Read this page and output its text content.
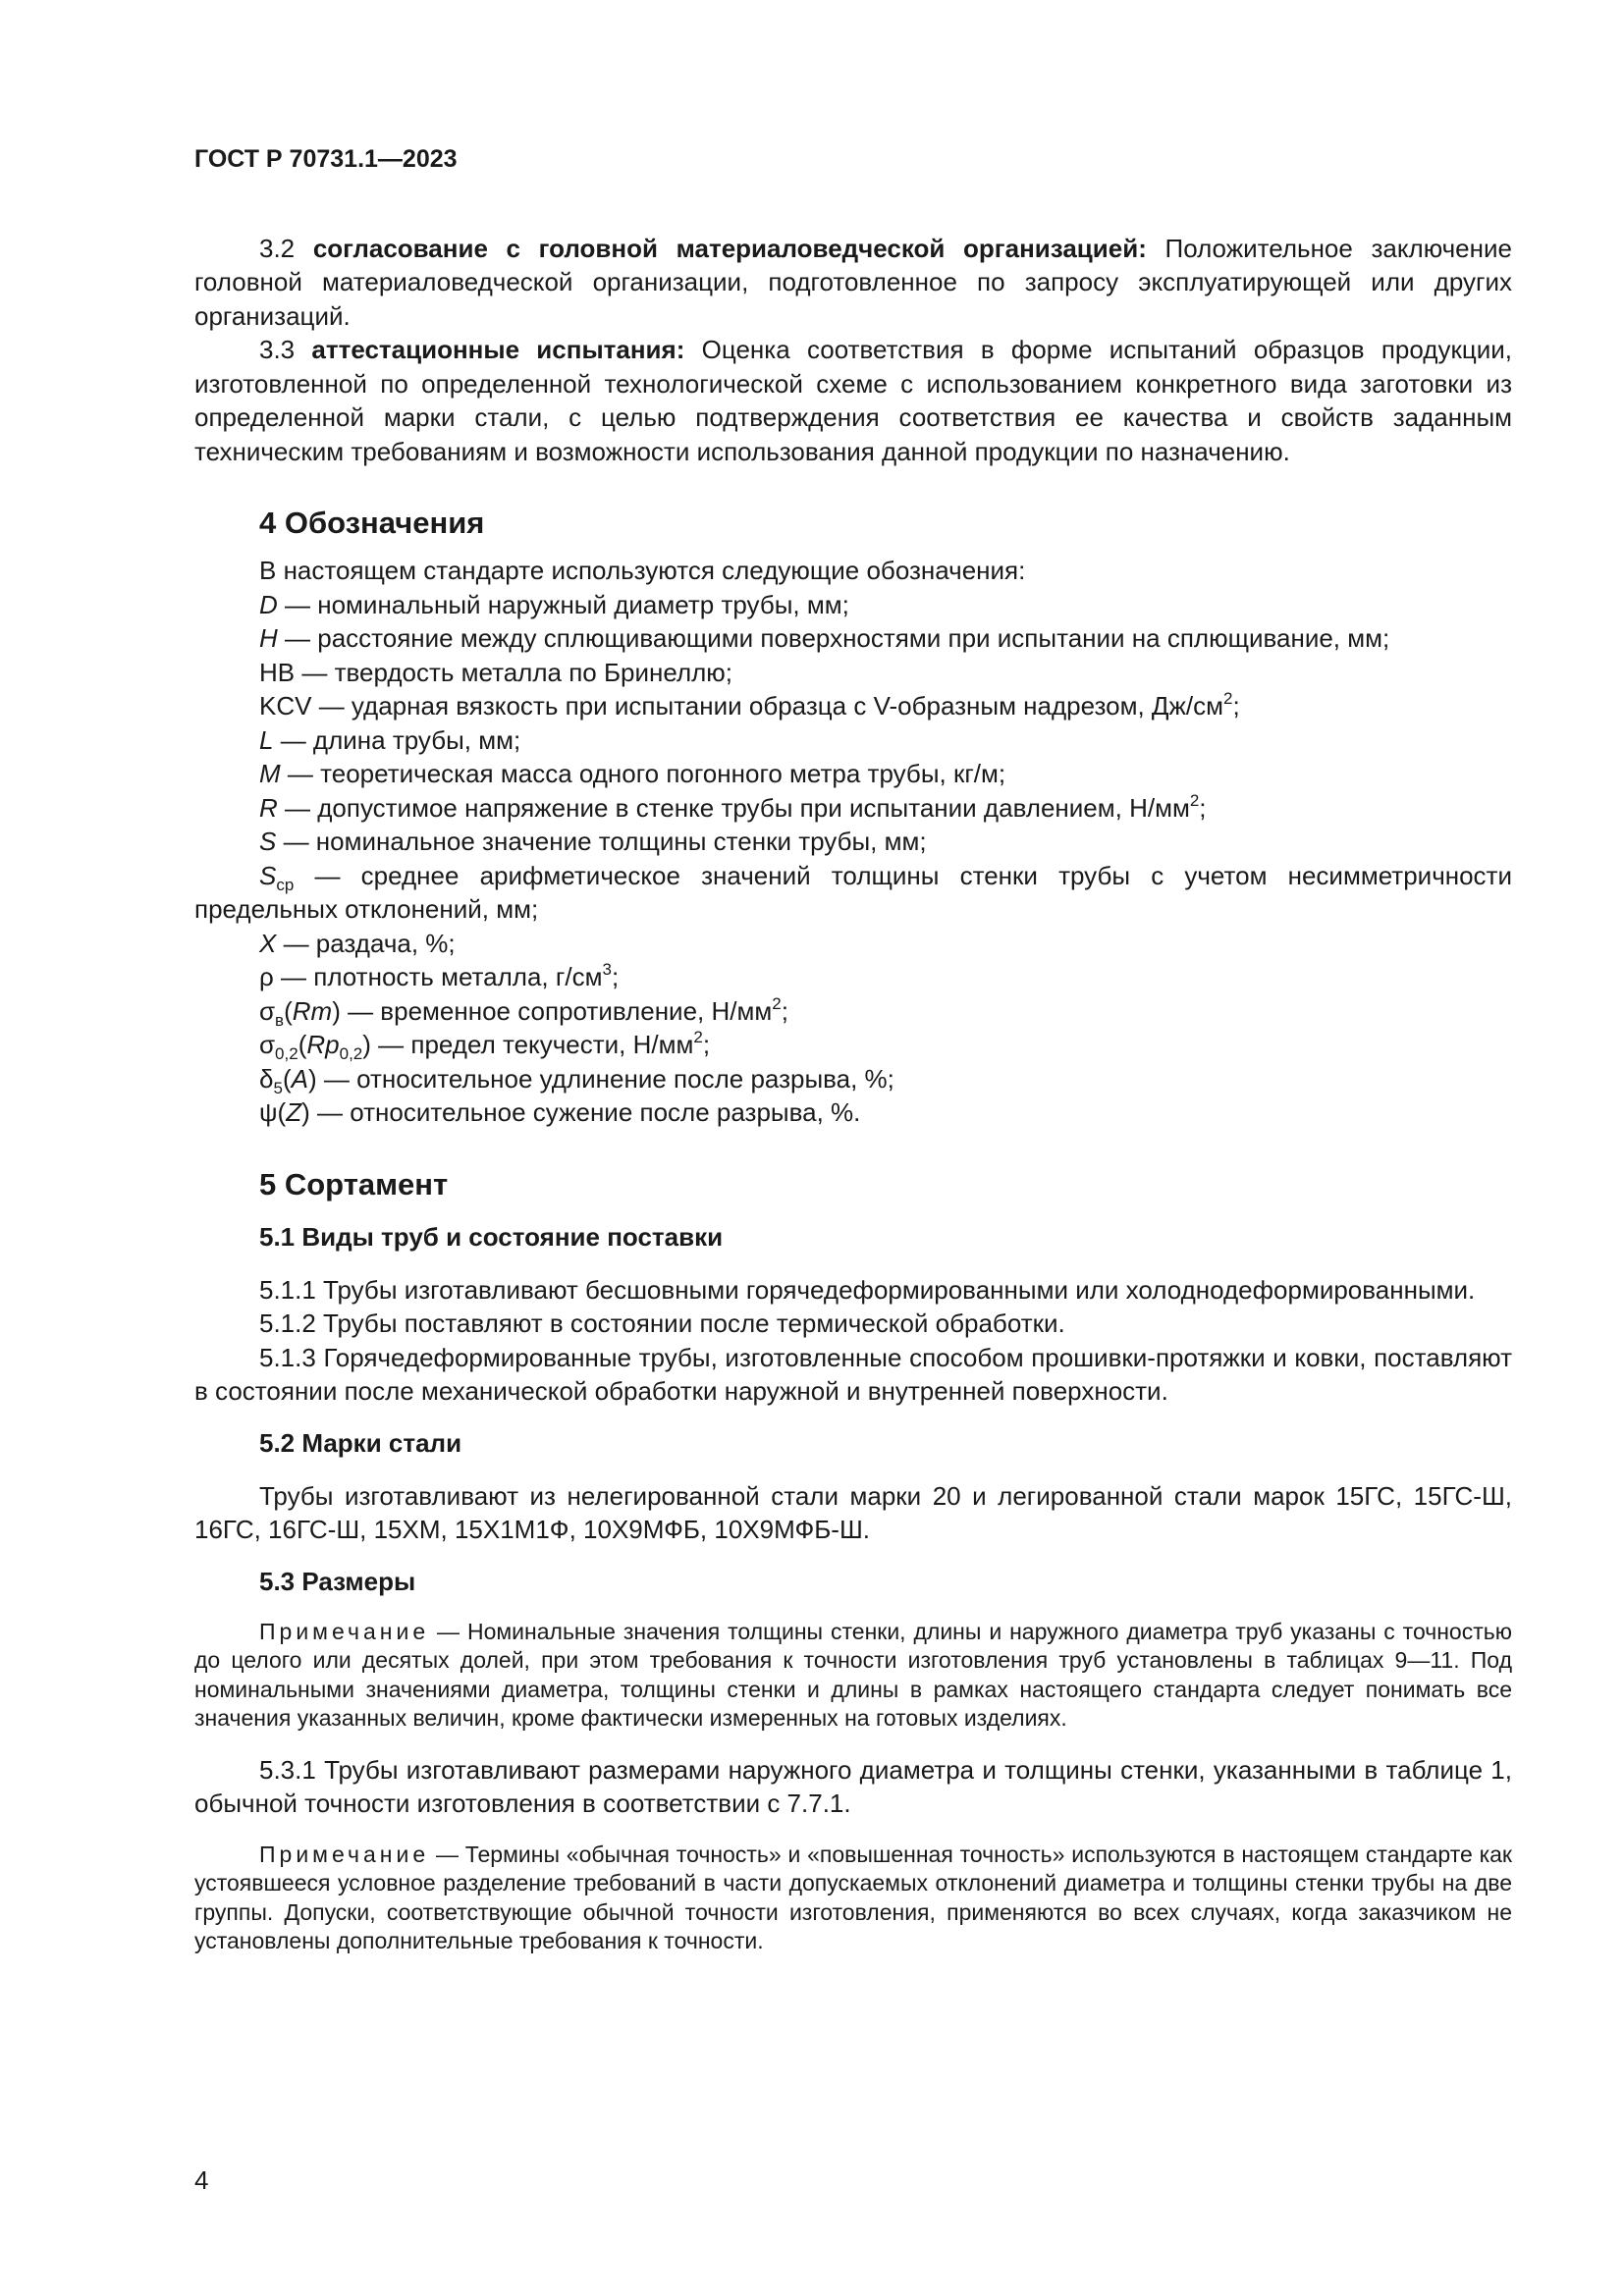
ГОСТ Р 70731.1—2023

3.2 согласование с головной материаловедческой организацией: Положительное заключение головной материаловедческой организации, подготовленное по запросу эксплуатирующей или других организаций.

3.3 аттестационные испытания: Оценка соответствия в форме испытаний образцов продукции, изготовленной по определенной технологической схеме с использованием конкретного вида заготовки из определенной марки стали, с целью подтверждения соответствия ее качества и свойств заданным техническим требованиям и возможности использования данной продукции по назначению.

4 Обозначения

В настоящем стандарте используются следующие обозначения:

D — номинальный наружный диаметр трубы, мм;

H — расстояние между сплющивающими поверхностями при испытании на сплющивание, мм;

НВ — твердость металла по Бринеллю;

KCV — ударная вязкость при испытании образца с V-образным надрезом, $Дж/см^2$;

L — длина трубы, мм;

M — теоретическая масса одного погонного метра трубы, кг/м;

R — допустимое напряжение в стенке трубы при испытании давлением, $Н/мм^2$;

S — номинальное значение толщины стенки трубы, мм;

$S_{ср}$ — среднее арифметическое значений толщины стенки трубы с учетом несимметричности предельных отклонений, мм;

X — раздача, %;

ρ — плотность металла, $г/см^3$;

$\sigma_в(Rm)$ — временное сопротивление, $Н/мм^2$;

$\sigma_{0,2}(Rp_{0,2})$ — предел текучести, $Н/мм^2$;

$\delta_5(A)$ — относительное удлинение после разрыва, %;

ψ(Z) — относительное сужение после разрыва, %.

5 Сортамент
5.1 Виды труб и состояние поставки

5.1.1 Трубы изготавливают бесшовными горячедеформированными или холоднодеформированными.

5.1.2 Трубы поставляют в состоянии после термической обработки.

5.1.3 Горячедеформированные трубы, изготовленные способом прошивки-протяжки и ковки, поставляют в состоянии после механической обработки наружной и внутренней поверхности.

5.2 Марки стали

Трубы изготавливают из нелегированной стали марки 20 и легированной стали марок 15ГС, 15ГС-Ш, 16ГС, 16ГС-Ш, 15ХМ, 15Х1М1Ф, 10Х9МФБ, 10Х9МФБ-Ш.

5.3 Размеры

Примечание — Номинальные значения толщины стенки, длины и наружного диаметра труб указаны с точностью до целого или десятых долей, при этом требования к точности изготовления труб установлены в таблицах 9—11. Под номинальными значениями диаметра, толщины стенки и длины в рамках настоящего стандарта следует понимать все значения указанных величин, кроме фактически измеренных на готовых изделиях.

5.3.1 Трубы изготавливают размерами наружного диаметра и толщины стенки, указанными в таблице 1, обычной точности изготовления в соответствии с 7.7.1.

Примечание — Термины «обычная точность» и «повышенная точность» используются в настоящем стандарте как устоявшееся условное разделение требований в части допускаемых отклонений диаметра и толщины стенки трубы на две группы. Допуски, соответствующие обычной точности изготовления, применяются во всех случаях, когда заказчиком не установлены дополнительные требования к точности.

4
